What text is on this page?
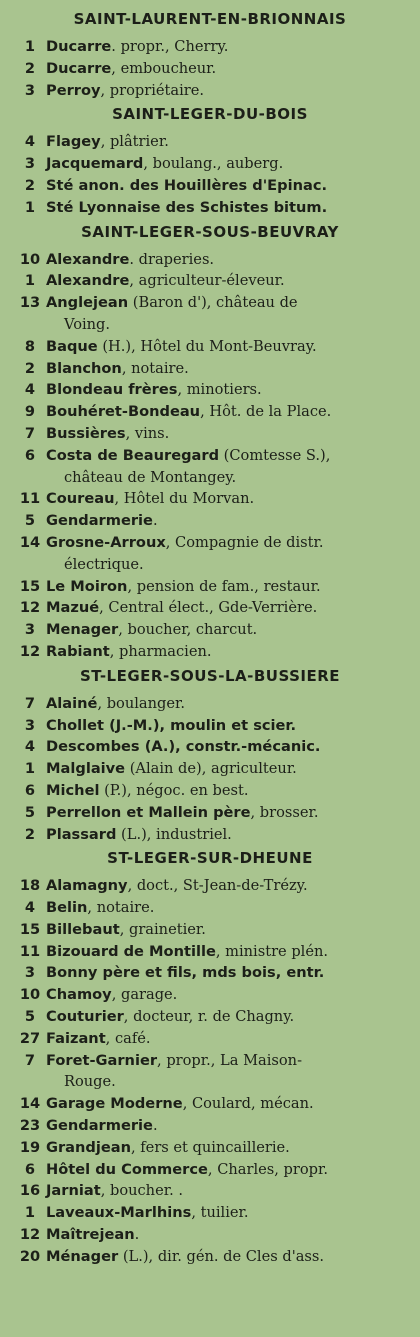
SAINT-LAURENT-EN-BRIONNAIS
1 Ducarre. propr., Cherry.
2 Ducarre, emboucheur.
3 Perroy, propriétaire.
SAINT-LEGER-DU-BOIS
4 Flagey, plâtrier.
3 Jacquemard, boulang., auberg.
2 Sté anon. des Houillères d'Epinac.
1 Sté Lyonnaise des Schistes bitum.
SAINT-LEGER-SOUS-BEUVRAY
10 Alexandre. draperies.
1 Alexandre, agriculteur-éleveur.
13 Anglejean (Baron d'), château de
Voing.
8 Baque (H.), Hôtel du Mont-Beuvray.
2 Blanchon, notaire.
4 Blondeau frères, minotiers.
9 Bouhéret-Bondeau, Hôt. de la Place.
7 Bussières, vins.
6 Costa de Beauregard (Comtesse S.),
château de Montangey.
11 Coureau, Hôtel du Morvan.
5 Gendarmerie.
14 Grosne-Arroux, Compagnie de distr.
électrique.
15 Le Moiron, pension de fam., restaur.
12 Mazué, Central élect., Gde-Verrière.
3 Menager, boucher, charcut.
12 Rabiant, pharmacien.
ST-LEGER-SOUS-LA-BUSSIERE
7 Alainé, boulanger.
3 Chollet (J.-M.), moulin et scier.
4 Descombes (A.), constr.-mécanic.
1 Malglaive (Alain de), agriculteur.
6 Michel (P.), négoc. en best.
5 Perrellon et Mallein père, brosser.
2 Plassard (L.), industriel.
ST-LEGER-SUR-DHEUNE
18 Alamagny, doct., St-Jean-de-Trézy.
4 Belin, notaire.
15 Billebaut, grainetier.
11 Bizouard de Montille, ministre plén.
3 Bonny père et fils, mds bois, entr.
10 Chamoy, garage.
5 Couturier, docteur, r. de Chagny.
27 Faizant, café.
7 Foret-Garnier, propr., La Maison-
Rouge.
14 Garage Moderne, Coulard, mécan.
23 Gendarmerie.
19 Grandjean, fers et quincaillerie.
6 Hôtel du Commerce, Charles, propr.
16 Jarniat, boucher. .
1 Laveaux-Marlhins, tuilier.
12 Maîtrejean.
20 Ménager (L.), dir. gén. de Cles d'ass.
